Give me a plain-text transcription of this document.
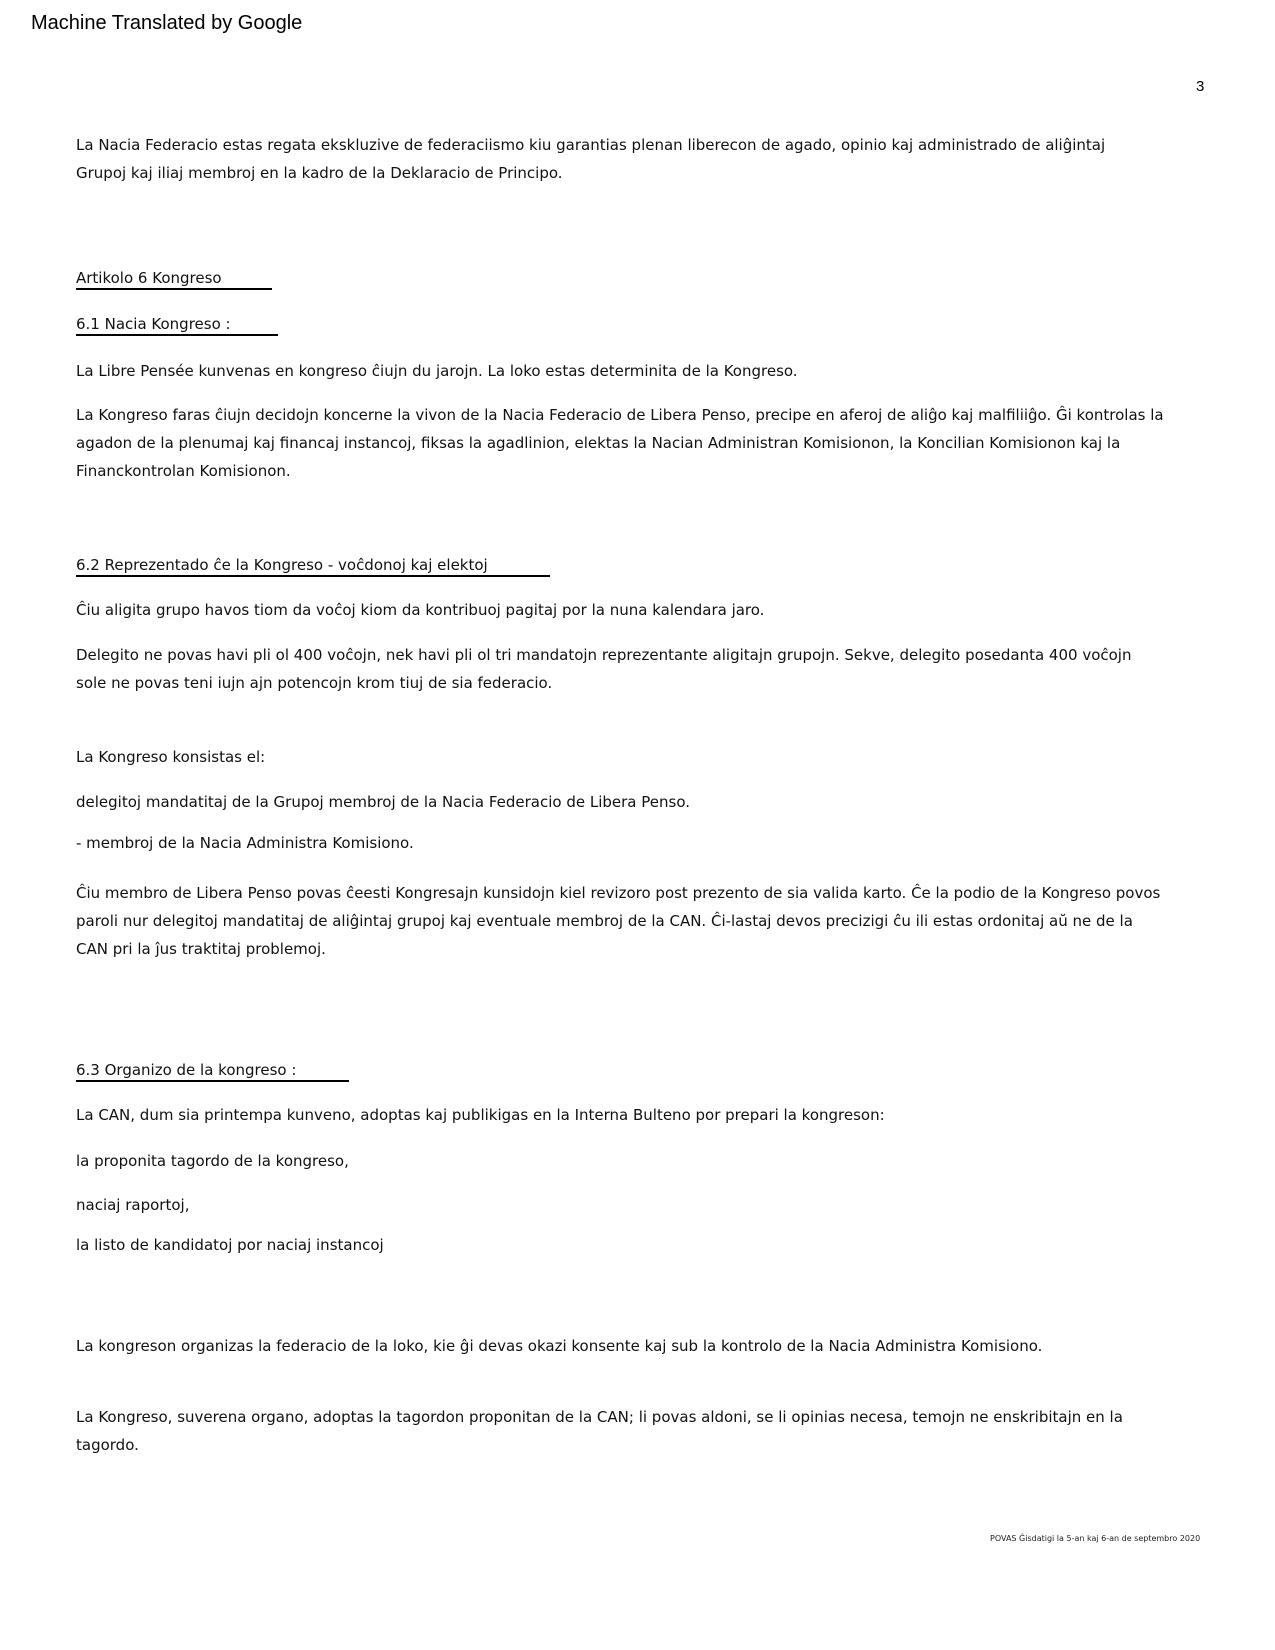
Machine Translated by Google
3
La Nacia Federacio estas regata ekskluzive de federaciismo kiu garantias plenan liberecon de agado, opinio kaj administrado de aliĝintaj
Grupoj kaj iliaj membroj en la kadro de la Deklaracio de Principo.
Artikolo 6 Kongreso
6.1 Nacia Kongreso :
La Libre Pensée kunvenas en kongreso ĉiujn du jarojn. La loko estas determinita de la Kongreso.
La Kongreso faras ĉiujn decidojn koncerne la vivon de la Nacia Federacio de Libera Penso, precipe en aferoj de aliĝo kaj malfiliiĝo. Ĝi kontrolas la
agadon de la plenumaj kaj financaj instancoj, fiksas la agadlinion, elektas la Nacian Administran Komisionon, la Koncilian Komisionon kaj la
Financkontrolan Komisionon.
6.2 Reprezentado ĉe la Kongreso - voĉdonoj kaj elektoj
Ĉiu aligita grupo havos tiom da voĉoj kiom da kontribuoj pagitaj por la nuna kalendara jaro.
Delegito ne povas havi pli ol 400 voĉojn, nek havi pli ol tri mandatojn reprezentante aligitajn grupojn. Sekve, delegito posedanta 400 voĉojn
sole ne povas teni iujn ajn potencojn krom tiuj de sia federacio.
La Kongreso konsistas el:
delegitoj mandatitaj de la Grupoj membroj de la Nacia Federacio de Libera Penso.
- membroj de la Nacia Administra Komisiono.
Ĉiu membro de Libera Penso povas ĉeesti Kongresajn kunsidojn kiel revizoro post prezento de sia valida karto. Ĉe la podio de la Kongreso povos
paroli nur delegitoj mandatitaj de aliĝintaj grupoj kaj eventuale membroj de la CAN. Ĉi-lastaj devos precizigi ĉu ili estas ordonitaj aŭ ne de la
CAN pri la ĵus traktitaj problemoj.
6.3 Organizo de la kongreso :
La CAN, dum sia printempa kunveno, adoptas kaj publikigas en la Interna Bulteno por prepari la kongreson:
la proponita tagordo de la kongreso,
naciaj raportoj,
la listo de kandidatoj por naciaj instancoj
La kongreson organizas la federacio de la loko, kie ĝi devas okazi konsente kaj sub la kontrolo de la Nacia Administra Komisiono.
La Kongreso, suverena organo, adoptas la tagordon proponitan de la CAN; li povas aldoni, se li opinias necesa, temojn ne enskribitajn en la
tagordo.
POVAS Ĝisdatigi la 5-an kaj 6-an de septembro 2020
